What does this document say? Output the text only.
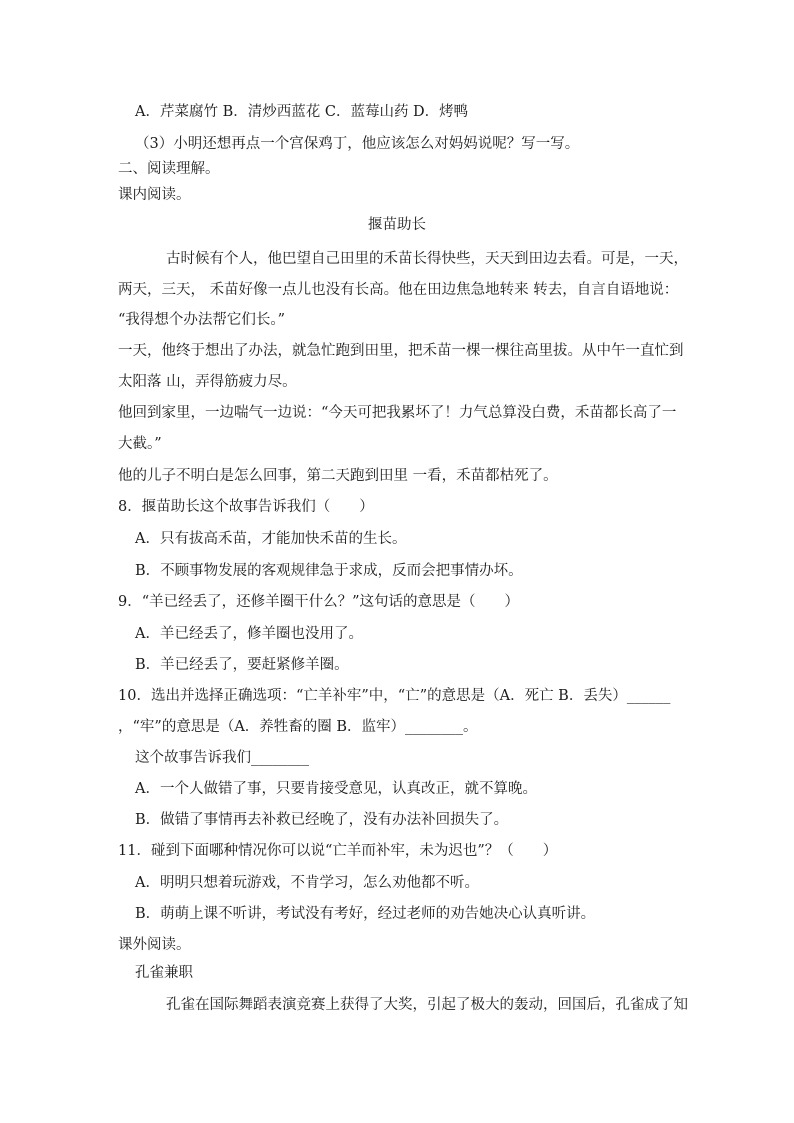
A．芹菜腐竹 B．清炒西蓝花 C．蓝莓山药 D．烤鸭
（3）小明还想再点一个宫保鸡丁，他应该怎么对妈妈说呢？写一写。
二、阅读理解。
课内阅读。
揠苗助长
古时候有个人，他巴望自己田里的禾苗长得快些，天天到田边去看。可是，一天，
两天，三天， 禾苗好像一点儿也没有长高。他在田边焦急地转来 转去，自言自语地说：
“我得想个办法帮它们长。”
一天，他终于想出了办法，就急忙跑到田里，把禾苗一棵一棵往高里拔。从中午一直忙到
太阳落 山，弄得筋疲力尽。
他回到家里，一边喘气一边说：“今天可把我累坏了！力气总算没白费，禾苗都长高了一
大截。”
他的儿子不明白是怎么回事，第二天跑到田里 一看，禾苗都枯死了。
8．揠苗助长这个故事告诉我们（　　）
A．只有拔高禾苗，才能加快禾苗的生长。
B．不顾事物发展的客观规律急于求成，反而会把事情办坏。
9．“羊已经丢了，还修羊圈干什么？”这句话的意思是（　　）
A．羊已经丢了，修羊圈也没用了。
B．羊已经丢了，要赶紧修羊圈。
10．选出并选择正确选项：“亡羊补牢”中，“亡”的意思是（A．死亡 B．丢失）______
，“牢”的意思是（A．养牲畜的圈 B．监牢）________。
这个故事告诉我们________
A．一个人做错了事，只要肯接受意见，认真改正，就不算晚。
B．做错了事情再去补救已经晚了，没有办法补回损失了。
11．碰到下面哪种情况你可以说“亡羊而补牢，未为迟也”？（　　）
A．明明只想着玩游戏，不肯学习，怎么劝他都不听。
B．萌萌上课不听讲，考试没有考好，经过老师的劝告她决心认真听讲。
课外阅读。
孔雀兼职
孔雀在国际舞蹈表演竞赛上获得了大奖，引起了极大的轰动，回国后，孔雀成了知
